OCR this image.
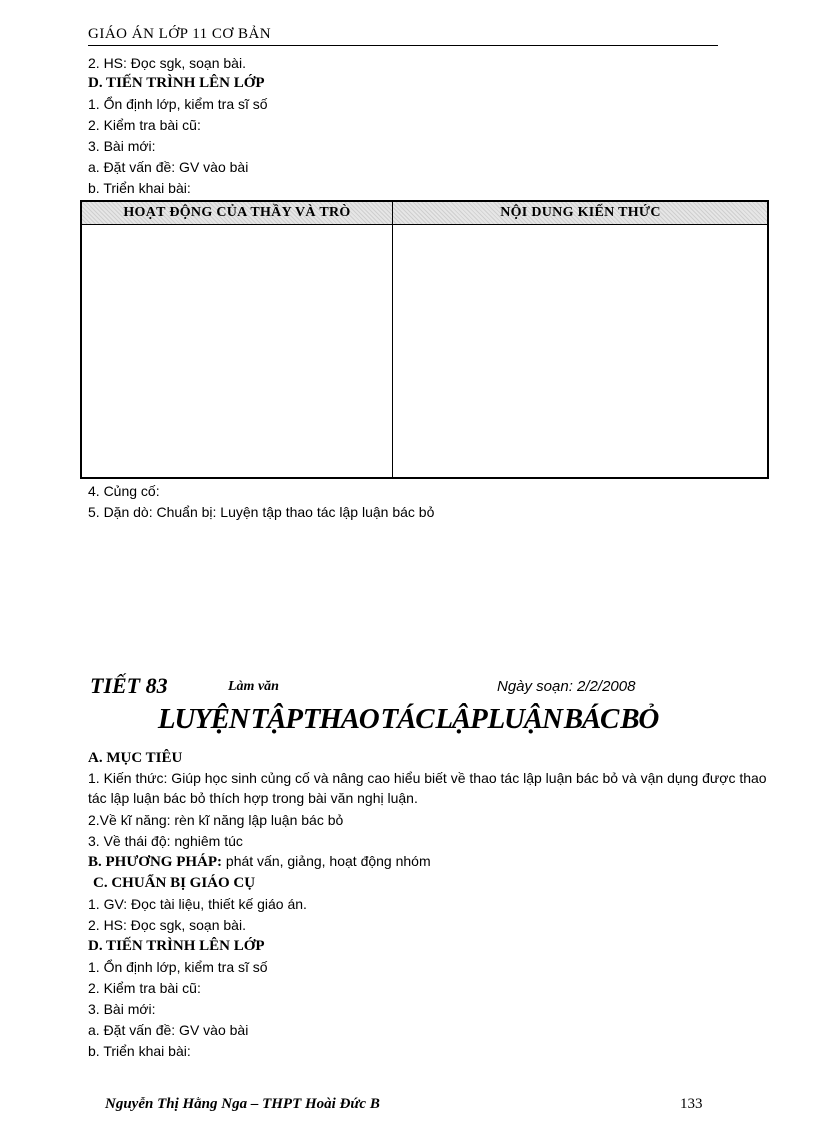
GIÁO ÁN LỚP 11 CƠ BẢN
2. HS: Đọc sgk, soạn bài.
D. TIẾN TRÌNH LÊN LỚP
1. Ổn định lớp, kiểm tra sĩ số
2. Kiểm tra bài cũ:
3. Bài mới:
a. Đặt vấn đề: GV vào bài
b. Triển khai bài:
HOẠT ĐỘNG CỦA THẦY VÀ TRÒ	NỘI DUNG KIẾN THỨC
4. Củng cố:
5. Dặn dò: Chuẩn bị: Luyện tập thao tác lập luận bác bỏ
TIẾT 83	Làm văn	Ngày soạn: 2/2/2008
LUYỆN TẬP THAO TÁC LẬP LUẬN BÁC BỎ
A. MỤC TIÊU
1. Kiến thức: Giúp học sinh củng cố và nâng cao hiểu biết về thao tác lập luận bác bỏ và vận dụng được thao tác lập luận bác bỏ thích hợp trong bài văn nghị luận.
2.Về kĩ năng: rèn kĩ năng lập luận bác bỏ
3. Về thái độ: nghiêm túc
B. PHƯƠNG PHÁP: phát vấn, giảng, hoạt động nhóm
C. CHUẨN BỊ GIÁO CỤ
1. GV: Đọc tài liệu, thiết kế giáo án.
2. HS: Đọc sgk, soạn bài.
D. TIẾN TRÌNH LÊN LỚP
1. Ổn định lớp, kiểm tra sĩ số
2. Kiểm tra bài cũ:
3. Bài mới:
a. Đặt vấn đề: GV vào bài
b. Triển khai bài:
Nguyễn Thị Hằng Nga – THPT Hoài Đức B	133
